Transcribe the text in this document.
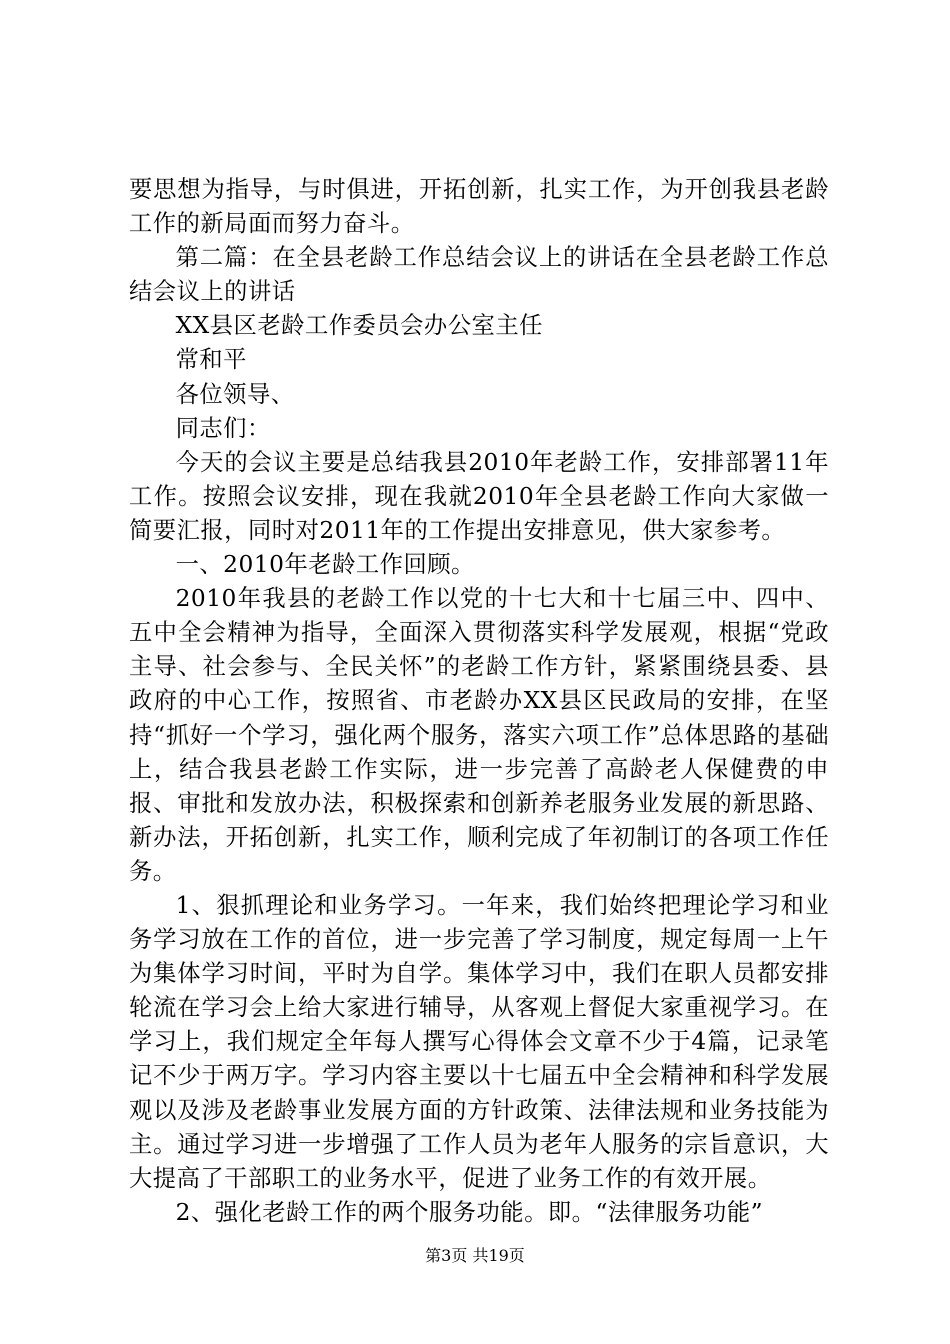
要思想为指导，与时俱进，开拓创新，扎实工作，为开创我县老龄工作的新局面而努力奋斗。

第二篇：在全县老龄工作总结会议上的讲话在全县老龄工作总结会议上的讲话

XX县区老龄工作委员会办公室主任

常和平

各位领导、

同志们：

今天的会议主要是总结我县2010年老龄工作，安排部署11年工作。按照会议安排，现在我就2010年全县老龄工作向大家做一简要汇报，同时对2011年的工作提出安排意见，供大家参考。

一、2010年老龄工作回顾。

2010年我县的老龄工作以党的十七大和十七届三中、四中、五中全会精神为指导，全面深入贯彻落实科学发展观，根据“党政主导、社会参与、全民关怀”的老龄工作方针，紧紧围绕县委、县政府的中心工作，按照省、市老龄办XX县区民政局的安排，在坚持“抓好一个学习，强化两个服务，落实六项工作”总体思路的基础上，结合我县老龄工作实际，进一步完善了高龄老人保健费的申报、审批和发放办法，积极探索和创新养老服务业发展的新思路、新办法，开拓创新，扎实工作，顺利完成了年初制订的各项工作任务。

1、狠抓理论和业务学习。一年来，我们始终把理论学习和业务学习放在工作的首位，进一步完善了学习制度，规定每周一上午为集体学习时间，平时为自学。集体学习中，我们在职人员都安排轮流在学习会上给大家进行辅导，从客观上督促大家重视学习。在学习上，我们规定全年每人撰写心得体会文章不少于4篇，记录笔记不少于两万字。学习内容主要以十七届五中全会精神和科学发展观以及涉及老龄事业发展方面的方针政策、法律法规和业务技能为主。通过学习进一步增强了工作人员为老年人服务的宗旨意识，大大提高了干部职工的业务水平，促进了业务工作的有效开展。

2、强化老龄工作的两个服务功能。即。“法律服务功能”

第3页 共19页
